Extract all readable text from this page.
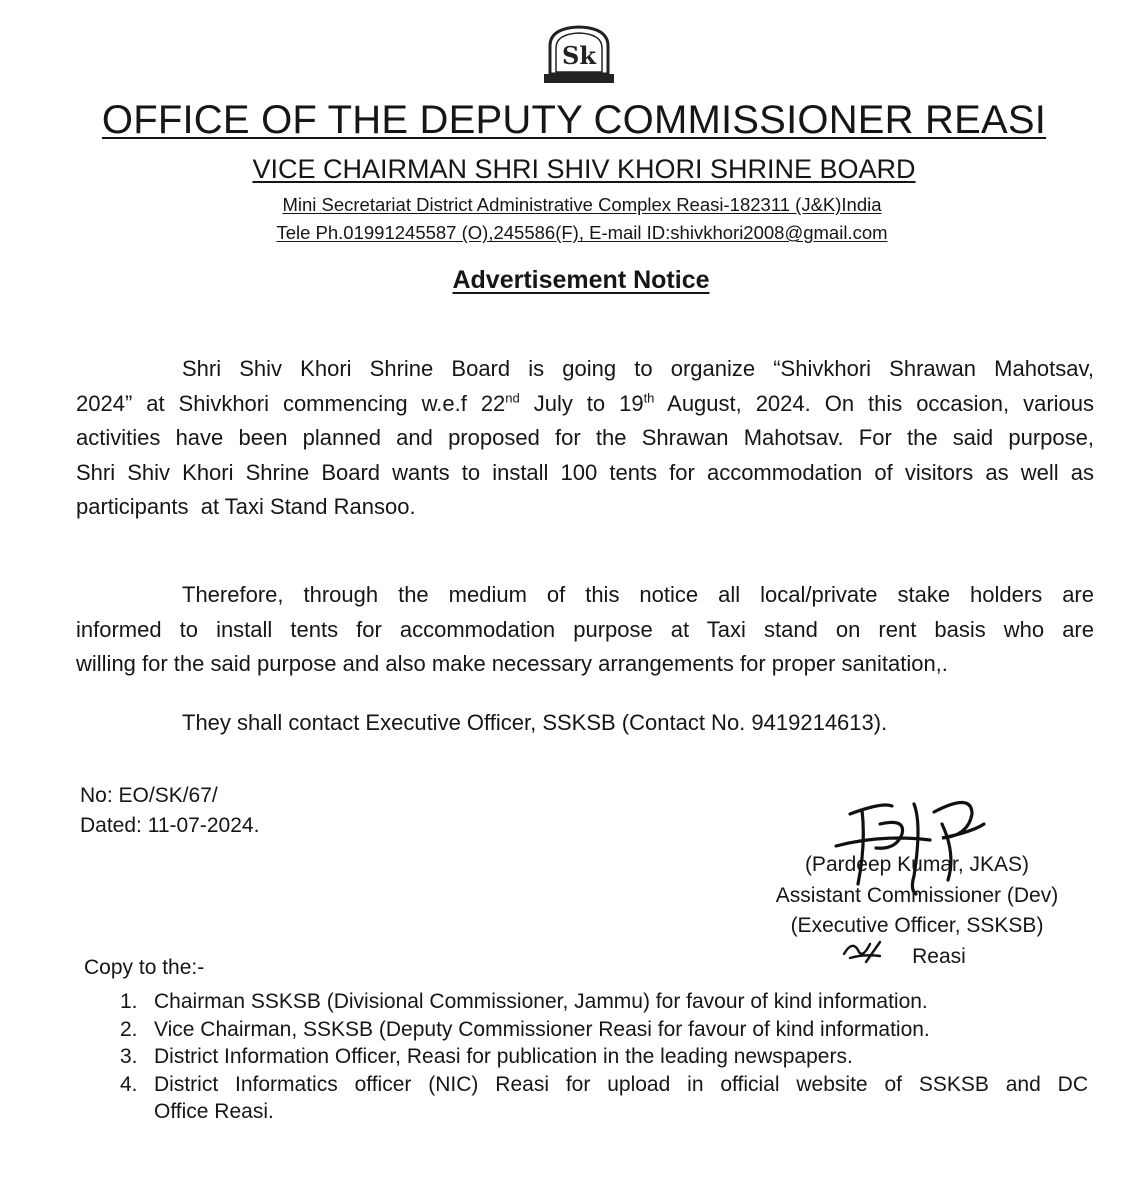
Sk
OFFICE OF THE DEPUTY COMMISSIONER REASI
VICE CHAIRMAN SHRI SHIV KHORI SHRINE BOARD
Mini Secretariat District Administrative Complex Reasi-182311 (J&K)India
Tele Ph.01991245587 (O),245586(F), E-mail ID:shivkhori2008@gmail.com
Advertisement Notice
Shri Shiv Khori Shrine Board is going to organize “Shivkhori Shrawan Mahotsav,
2024” at Shivkhori commencing w.e.f 22nd July to 19th August, 2024. On this occasion, various
activities have been planned and proposed for the Shrawan Mahotsav. For the said purpose,
Shri Shiv Khori Shrine Board wants to install 100 tents for accommodation of visitors as well as
participants  at Taxi Stand Ransoo.
Therefore, through the medium of this notice all local/private stake holders are
informed to install tents for accommodation purpose at Taxi stand on rent basis who are
willing for the said purpose and also make necessary arrangements for proper sanitation,.
They shall contact Executive Officer, SSKSB (Contact No. 9419214613).
No: EO/SK/67/
Dated: 11-07-2024.
(Pardeep Kumar, JKAS)
Assistant Commissioner (Dev)
(Executive Officer, SSKSB)
Reasi
Copy to the:-
1. Chairman SSKSB (Divisional Commissioner, Jammu) for favour of kind information.
2. Vice Chairman, SSKSB (Deputy Commissioner Reasi for favour of kind information.
3. District Information Officer, Reasi for publication in the leading newspapers.
4. District Informatics officer (NIC) Reasi for upload in official website of SSKSB and DC
Office Reasi.
